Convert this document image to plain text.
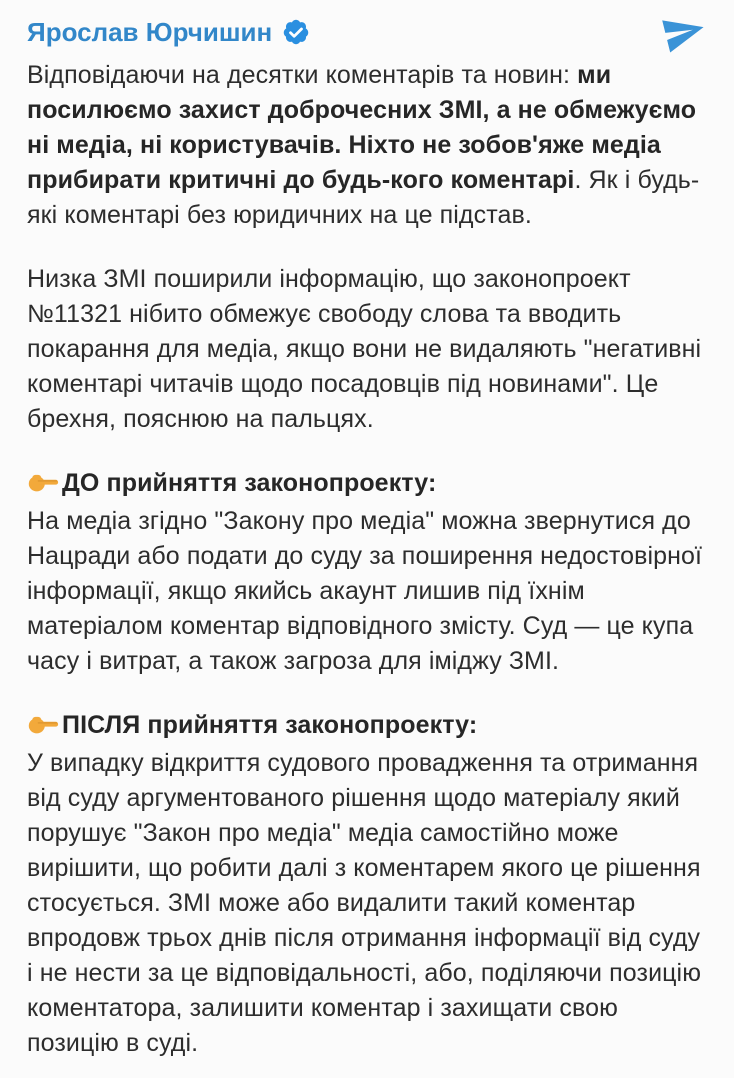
Ярослав Юрчишин

Відповідаючи на десятки коментарів та новин: ми посилюємо захист доброчесних ЗМІ, а не обмежуємо ні медіа, ні користувачів. Ніхто не зобов'яже медіа прибирати критичні до будь-кого коментарі. Як і будь-які коментарі без юридичних на це підстав.

Низка ЗМІ поширили інформацію, що законопроект №11321 нібито обмежує свободу слова та вводить покарання для медіа, якщо вони не видаляють "негативні коментарі читачів щодо посадовців під новинами". Це брехня, пояснюю на пальцях.

ДО прийняття законопроекту:
На медіа згідно "Закону про медіа" можна звернутися до Нацради або подати до суду за поширення недостовірної інформації, якщо якийсь акаунт лишив під їхнім матеріалом коментар відповідного змісту. Суд — це купа часу і витрат, а також загроза для іміджу ЗМІ.

ПІСЛЯ прийняття законопроекту:
У випадку відкриття судового провадження та отримання від суду аргументованого рішення щодо матеріалу який порушує "Закон про медіа" медіа самостійно може вирішити, що робити далі з коментарем якого це рішення стосується. ЗМІ може або видалити такий коментар впродовж трьох днів після отримання інформації від суду і не нести за це відповідальності, або, поділяючи позицію коментатора, залишити коментар і захищати свою позицію в суді.
